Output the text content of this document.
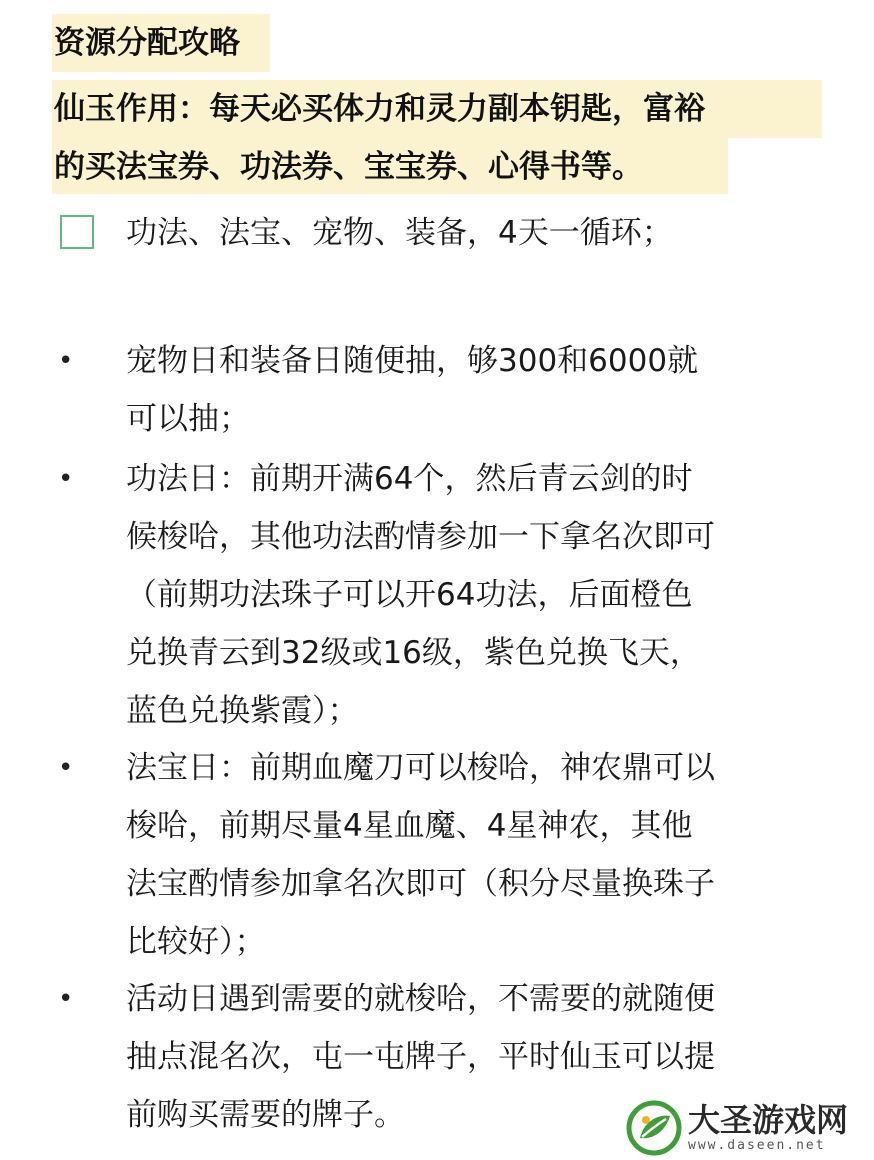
资源分配攻略
仙玉作用：每天必买体力和灵力副本钥匙，富裕
的买法宝券、功法券、宝宝券、心得书等。
功法、法宝、宠物、装备，4天一循环；
• 宠物日和装备日随便抽，够300和6000就
可以抽；
• 功法日：前期开满64个，然后青云剑的时
候梭哈，其他功法酌情参加一下拿名次即可
（前期功法珠子可以开64功法，后面橙色
兑换青云到32级或16级，紫色兑换飞天，
蓝色兑换紫霞）；
• 法宝日：前期血魔刀可以梭哈，神农鼎可以
梭哈，前期尽量4星血魔、4星神农，其他
法宝酌情参加拿名次即可（积分尽量换珠子
比较好）；
• 活动日遇到需要的就梭哈，不需要的就随便
抽点混名次，屯一屯牌子，平时仙玉可以提
前购买需要的牌子。	大圣游戏网
www.daseen.net
